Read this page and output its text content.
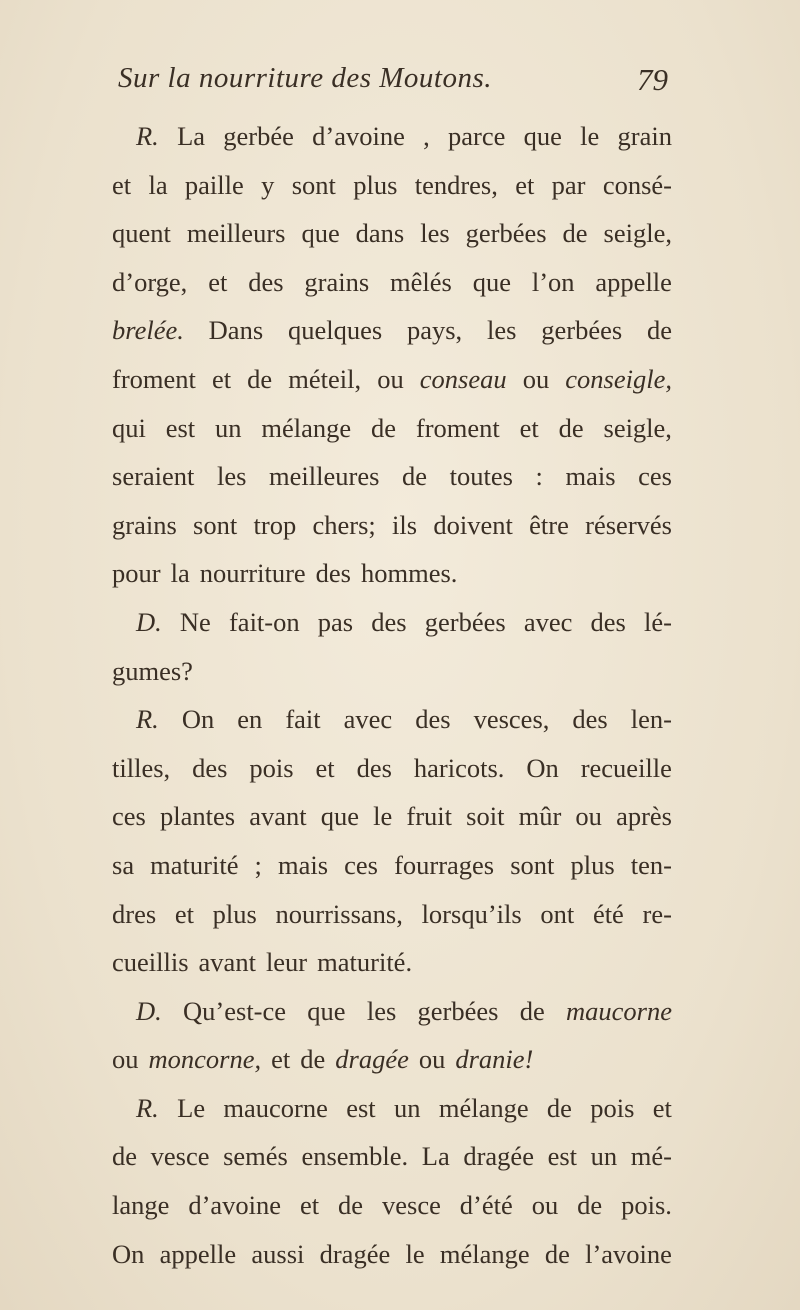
Sur la nourriture des Moutons.	79
R. La gerbée d’avoine , parce que le grain
et la paille y sont plus tendres, et par consé-
quent meilleurs que dans les gerbées de seigle,
d’orge, et des grains mêlés que l’on appelle
brelée. Dans quelques pays, les gerbées de
froment et de méteil, ou conseau ou conseigle,
qui est un mélange de froment et de seigle,
seraient les meilleures de toutes : mais ces
grains sont trop chers; ils doivent être réservés
pour la nourriture des hommes.
D. Ne fait-on pas des gerbées avec des lé-
gumes?
R. On en fait avec des vesces, des len-
tilles, des pois et des haricots. On recueille
ces plantes avant que le fruit soit mûr ou après
sa maturité ; mais ces fourrages sont plus ten-
dres et plus nourrissans, lorsqu’ils ont été re-
cueillis avant leur maturité.
D. Qu’est-ce que les gerbées de maucorne
ou moncorne, et de dragée ou dranie!
R. Le maucorne est un mélange de pois et
de vesce semés ensemble. La dragée est un mé-
lange d’avoine et de vesce d’été ou de pois.
On appelle aussi dragée le mélange de l’avoine
